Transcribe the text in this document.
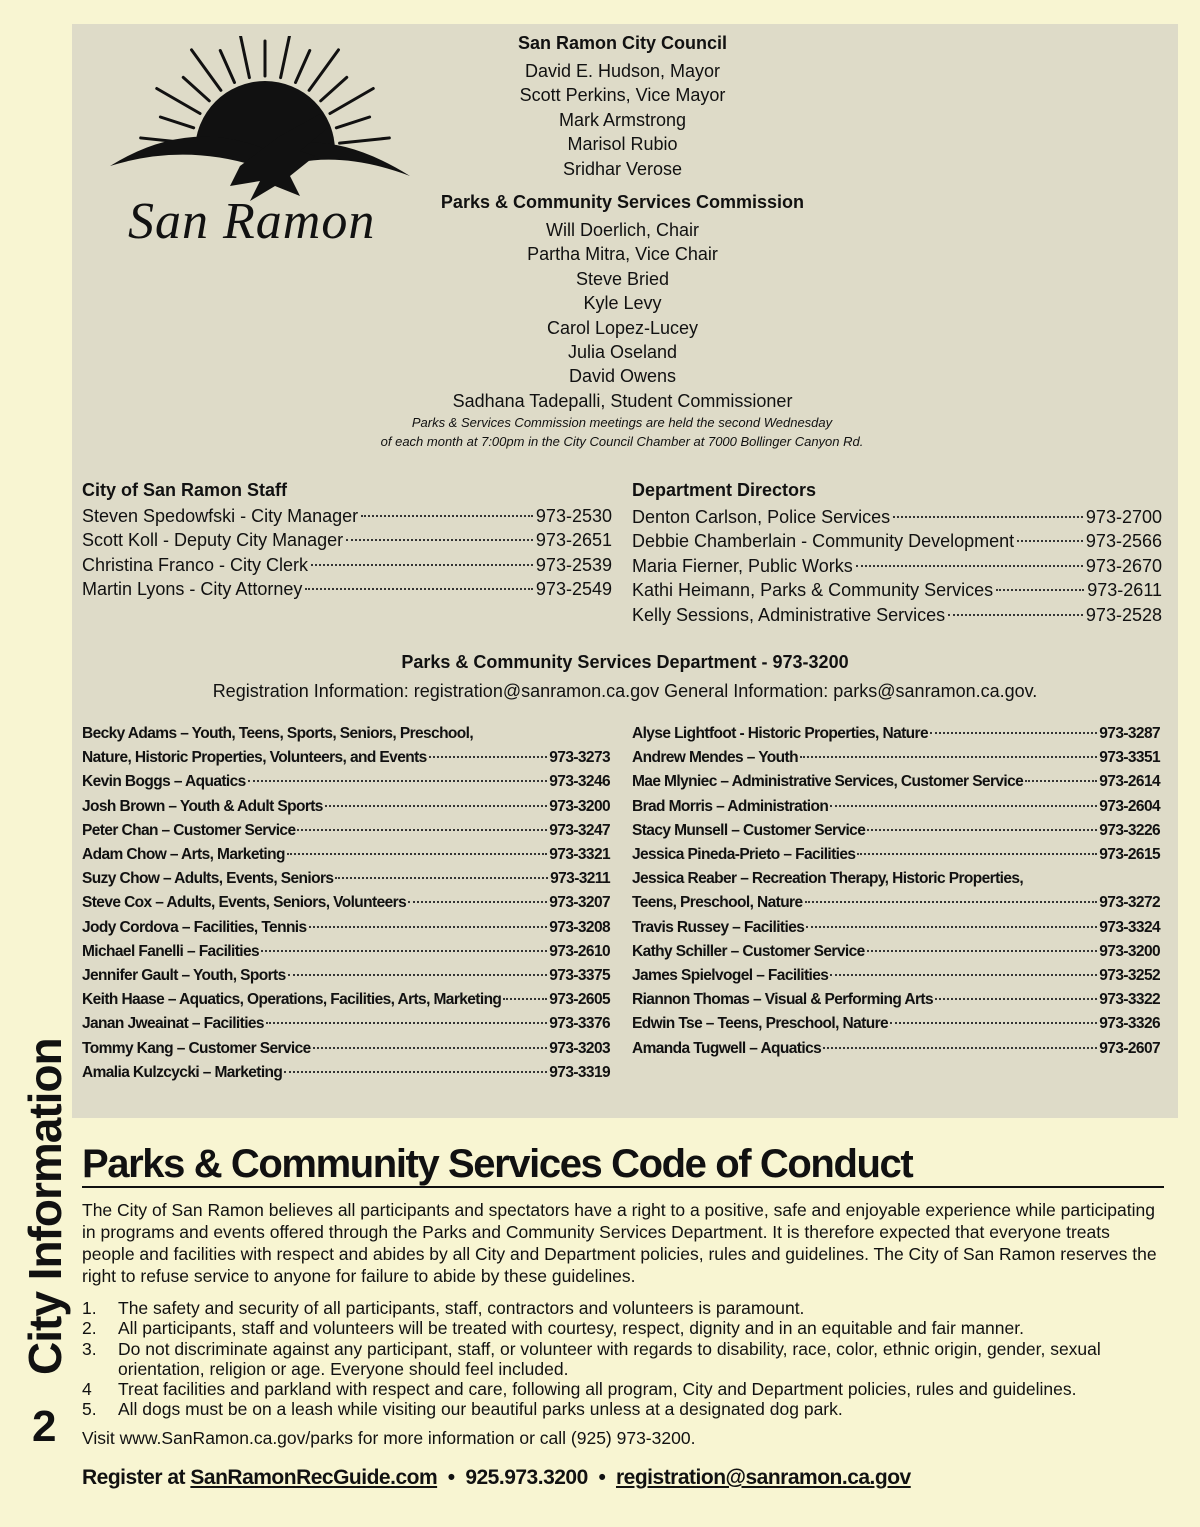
San Ramon
San Ramon City Council
David E. Hudson, Mayor
Scott Perkins, Vice Mayor
Mark Armstrong
Marisol Rubio
Sridhar Verose
Parks & Community Services Commission
Will Doerlich, Chair
Partha Mitra, Vice Chair
Steve Bried
Kyle Levy
Carol Lopez-Lucey
Julia Oseland
David Owens
Sadhana Tadepalli, Student Commissioner
Parks & Services Commission meetings are held the second Wednesday
of each month at 7:00pm in the City Council Chamber at 7000 Bollinger Canyon Rd.
City of San Ramon Staff
Steven Spedowfski - City Manager	973-2530
Scott Koll - Deputy City Manager	973-2651
Christina Franco - City Clerk	973-2539
Martin Lyons - City Attorney	973-2549
Department Directors
Denton Carlson, Police Services	973-2700
Debbie Chamberlain - Community Development	973-2566
Maria Fierner, Public Works	973-2670
Kathi Heimann, Parks & Community Services	973-2611
Kelly Sessions, Administrative Services	973-2528
Parks & Community Services Department - 973-3200
Registration Information: registration@sanramon.ca.gov General Information: parks@sanramon.ca.gov.
Becky Adams – Youth, Teens, Sports, Seniors, Preschool,
Nature, Historic Properties, Volunteers, and Events	973-3273
Kevin Boggs – Aquatics	973-3246
Josh Brown – Youth & Adult Sports	973-3200
Peter Chan – Customer Service	973-3247
Adam Chow – Arts, Marketing	973-3321
Suzy Chow – Adults, Events, Seniors	973-3211
Steve Cox – Adults, Events, Seniors, Volunteers	973-3207
Jody Cordova – Facilities, Tennis	973-3208
Michael Fanelli – Facilities	973-2610
Jennifer Gault – Youth, Sports	973-3375
Keith Haase – Aquatics, Operations, Facilities, Arts, Marketing	973-2605
Janan Jweainat – Facilities	973-3376
Tommy Kang – Customer Service	973-3203
Amalia Kulzcycki – Marketing	973-3319
Alyse Lightfoot - Historic Properties, Nature	973-3287
Andrew Mendes – Youth	973-3351
Mae Mlyniec – Administrative Services, Customer Service	973-2614
Brad Morris – Administration	973-2604
Stacy Munsell – Customer Service	973-3226
Jessica Pineda-Prieto – Facilities	973-2615
Jessica Reaber – Recreation Therapy, Historic Properties,
Teens, Preschool, Nature	973-3272
Travis Russey – Facilities	973-3324
Kathy Schiller – Customer Service	973-3200
James Spielvogel – Facilities	973-3252
Riannon Thomas – Visual & Performing Arts	973-3322
Edwin Tse – Teens, Preschool, Nature	973-3326
Amanda Tugwell – Aquatics	973-2607
City Information
2
Parks & Community Services Code of Conduct
The City of San Ramon believes all participants and spectators have a right to a positive, safe and enjoyable experience while participating in programs and events offered through the Parks and Community Services Department. It is therefore expected that everyone treats people and facilities with respect and abides by all City and Department policies, rules and guidelines. The City of San Ramon reserves the right to refuse service to anyone for failure to abide by these guidelines.
1.	The safety and security of all participants, staff, contractors and volunteers is paramount.
2.	All participants, staff and volunteers will be treated with courtesy, respect, dignity and in an equitable and fair manner.
3.	Do not discriminate against any participant, staff, or volunteer with regards to disability, race, color, ethnic origin, gender, sexual orientation, religion or age. Everyone should feel included.
4	Treat facilities and parkland with respect and care, following all program, City and Department policies, rules and guidelines.
5.	All dogs must be on a leash while visiting our beautiful parks unless at a designated dog park.
Visit www.SanRamon.ca.gov/parks for more information or call (925) 973-3200.
Register at SanRamonRecGuide.com • 925.973.3200 • registration@sanramon.ca.gov
